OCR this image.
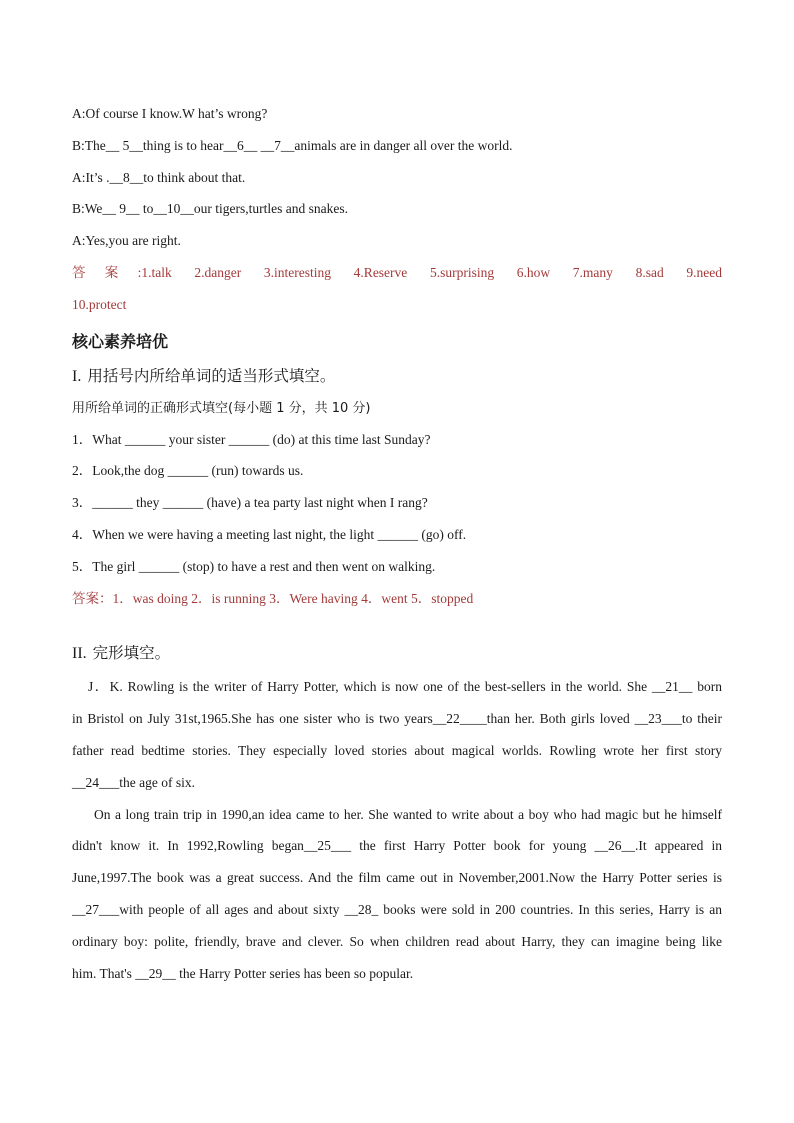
A:Of course I know.W hat’s wrong?
B:The__ 5__thing is to hear__6__ __7__animals are in danger all over the world.
A:It’s .__8__to think about that.
B:We__ 9__ to__10__our tigers,turtles and snakes.
A:Yes,you are right.
答案:1.talk 2.danger 3.interesting 4.Reserve 5.surprising 6.how 7.many 8.sad 9.need
10.protect
核心素养培优
I. 用括号内所给单词的适当形式填空。
用所给单词的正确形式填空(每小题 1 分，共 10 分)
1．What ______ your sister ______ (do) at this time last Sunday?
2．Look,the dog ______ (run) towards us.
3．______ they ______ (have) a tea party last night when I rang?
4．When we were having a meeting last night, the light ______ (go) off.
5．The girl ______ (stop) to have a rest and then went on walking.
答案：1．was doing 2．is running 3．Were having 4．went 5．stopped
II. 完形填空。
J．K. Rowling is the writer of Harry Potter, which is now one of the best-sellers in the world. She __21__ born
in Bristol on July 31st,1965.She has one sister who is two years__22____than her. Both girls loved __23___to their
father read bedtime stories. They especially loved stories about magical worlds. Rowling wrote her first story
__24___the age of six.
On a long train trip in 1990,an idea came to her. She wanted to write about a boy who had magic but he himself
didn't know it. In 1992,Rowling began__25___ the first Harry Potter book for young __26__.It appeared in
June,1997.The book was a great success. And the film came out in November,2001.Now the Harry Potter series is
__27___with people of all ages and about sixty __28_ books were sold in 200 countries. In this series, Harry is an
ordinary boy: polite, friendly, brave and clever. So when children read about Harry, they can imagine being like
him. That's __29__ the Harry Potter series has been so popular.
